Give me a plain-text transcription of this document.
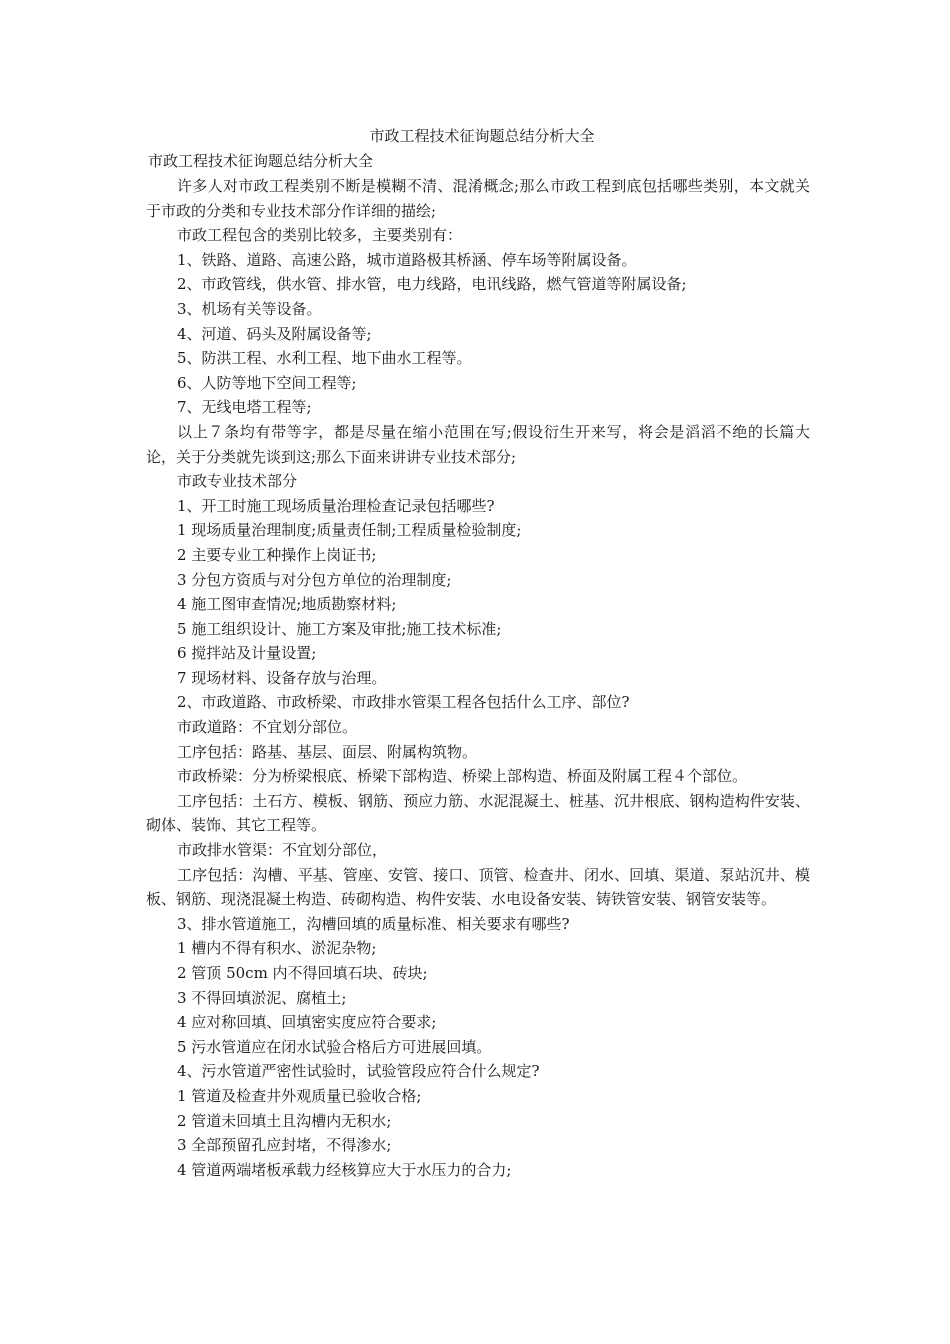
市政工程技术征询题总结分析大全

市政工程技术征询题总结分析大全

许多人对市政工程类别不断是模糊不清、混淆概念;那么市政工程到底包括哪些类别，本文就关于市政的分类和专业技术部分作详细的描绘;

市政工程包含的类别比较多，主要类别有：

1、铁路、道路、高速公路，城市道路极其桥涵、停车场等附属设备。

2、市政管线，供水管、排水管，电力线路，电讯线路，燃气管道等附属设备;

3、机场有关等设备。

4、河道、码头及附属设备等;

5、防洪工程、水利工程、地下曲水工程等。

6、人防等地下空间工程等;

7、无线电塔工程等;

以上７条均有带等字，都是尽量在缩小范围在写;假设衍生开来写，将会是滔滔不绝的长篇大论，关于分类就先谈到这;那么下面来讲讲专业技术部分;

市政专业技术部分

1、开工时施工现场质量治理检查记录包括哪些?

1 现场质量治理制度;质量责任制;工程质量检验制度;

2 主要专业工种操作上岗证书;

3 分包方资质与对分包方单位的治理制度;

4 施工图审查情况;地质勘察材料;

5 施工组织设计、施工方案及审批;施工技术标准;

6 搅拌站及计量设置;

7 现场材料、设备存放与治理。

2、市政道路、市政桥梁、市政排水管渠工程各包括什么工序、部位?

市政道路：不宜划分部位。

工序包括：路基、基层、面层、附属构筑物。

市政桥梁：分为桥梁根底、桥梁下部构造、桥梁上部构造、桥面及附属工程４个部位。

工序包括：土石方、模板、钢筋、预应力筋、水泥混凝土、桩基、沉井根底、钢构造构件安装、砌体、装饰、其它工程等。

市政排水管渠：不宜划分部位，

工序包括：沟槽、平基、管座、安管、接口、顶管、检查井、闭水、回填、渠道、泵站沉井、模板、钢筋、现浇混凝土构造、砖砌构造、构件安装、水电设备安装、铸铁管安装、钢管安装等。

3、排水管道施工，沟槽回填的质量标准、相关要求有哪些?

1 槽内不得有积水、淤泥杂物;

2 管顶 50cm 内不得回填石块、砖块;

3 不得回填淤泥、腐植土;

4 应对称回填、回填密实度应符合要求;

5 污水管道应在闭水试验合格后方可进展回填。

4、污水管道严密性试验时，试验管段应符合什么规定?

1 管道及检查井外观质量已验收合格;

2 管道未回填土且沟槽内无积水;

3 全部预留孔应封堵，不得渗水;

4 管道两端堵板承载力经核算应大于水压力的合力;
